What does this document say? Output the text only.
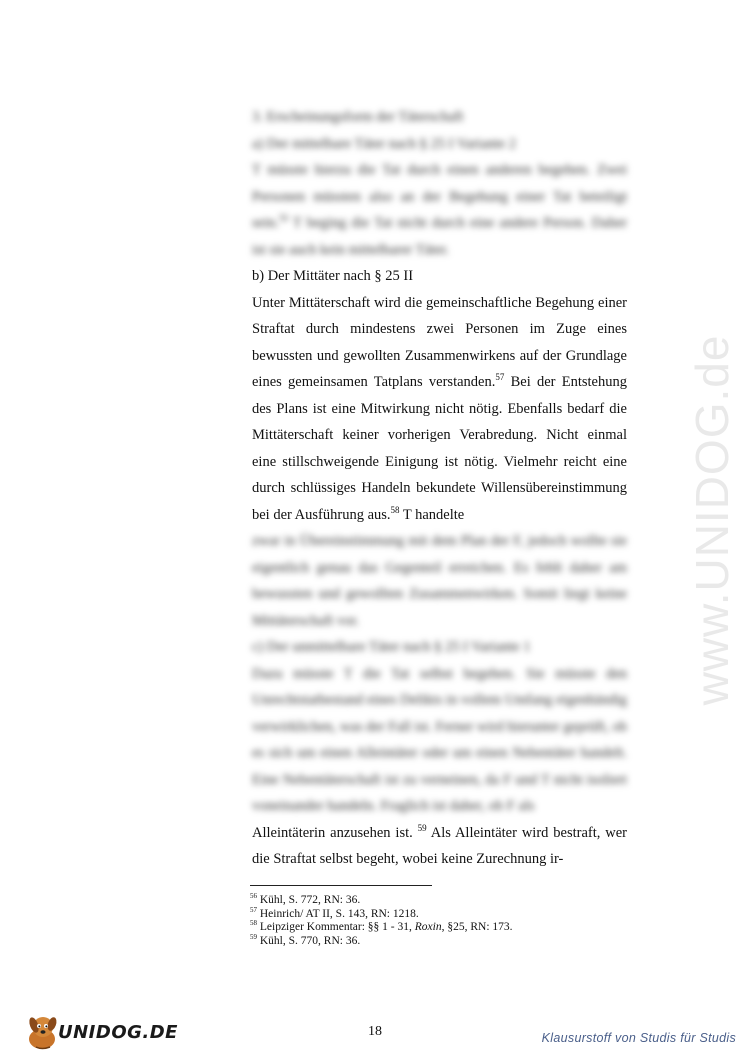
www.UNIDOG.de

3. Erscheinungsform der Täterschaft

a) Der mittelbare Täter nach § 25 I Variante 2

T müsste hierzu die Tat durch einen anderen begehen. Zwei Personen müssten also an der Begehung einer Tat beteiligt sein.$^{56}$ T beging die Tat nicht durch eine andere Person. Daher ist sie auch kein mittelbarer Täter.

b) Der Mittäter nach § 25 II

Unter Mittäterschaft wird die gemeinschaftliche Begehung einer Straftat durch mindestens zwei Personen im Zuge eines bewussten und gewollten Zusammenwirkens auf der Grundlage eines gemeinsamen Tatplans verstanden.$^{57}$ Bei der Entstehung des Plans ist eine Mitwirkung nicht nötig. Ebenfalls bedarf die Mittäterschaft keiner vorherigen Verabredung. Nicht einmal eine stillschweigende Einigung ist nötig. Vielmehr reicht eine durch schlüssiges Handeln bekundete Willensübereinstimmung bei der Ausführung aus.$^{58}$ T handelte

zwar in Übereinstimmung mit dem Plan der F, jedoch wollte sie eigentlich genau das Gegenteil erreichen. Es fehlt daher am bewussten und gewollten Zusammenwirken. Somit liegt keine Mittäterschaft vor.

c) Der unmittelbare Täter nach § 25 I Variante 1

Dazu müsste T die Tat selbst begehen. Sie müsste den Unrechtstatbestand eines Delikts in vollem Umfang eigenhändig verwirklichen, was der Fall ist. Ferner wird hierunter geprüft, ob es sich um einen Alleintäter oder um einen Nebentäter handelt. Eine Nebentäterschaft ist zu verneinen, da F und T nicht isoliert voneinander handeln. Fraglich ist daher, ob F als

Alleintäterin anzusehen ist. $^{59}$ Als Alleintäter wird bestraft, wer die Straftat selbst begeht, wobei keine Zurechnung ir-

$^{56}$ Kühl, S. 772, RN: 36.
$^{57}$ Heinrich/ AT II, S. 143, RN: 1218.
$^{58}$ Leipziger Kommentar: §§ 1 - 31, Roxin, §25, RN: 173.
$^{59}$ Kühl, S. 770, RN: 36.
18
UNIDOG.DE	Klausurstoff von Studis für Studis
